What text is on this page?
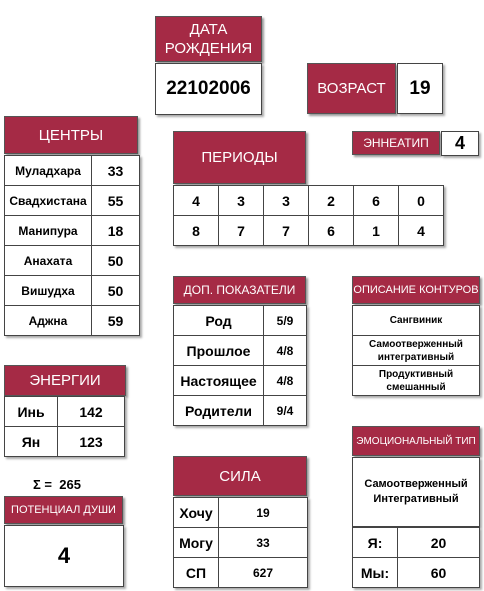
ДАТА
РОЖДЕНИЯ
22102006	ВОЗРАСТ	19
ЭННЕАТИП	4
ЦЕНТРЫ
Муладхара	33
Свадхистана	55
Манипура	18
Анахата	50
Вишудха	50
Аджна	59
ПЕРИОДЫ
4	3	3	2	6	0
8	7	7	6	1	4
ДОП. ПОКАЗАТЕЛИ
Род	5/9
Прошлое	4/8
Настоящее	4/8
Родители	9/4
ОПИСАНИЕ КОНТУРОВ
Сангвиник
Самоотверженный интегративный
Продуктивный смешанный
ЭНЕРГИИ
Инь	142
Ян	123
Σ =  265
ПОТЕНЦИАЛ ДУШИ
4
СИЛА
Хочу	19
Могу	33
СП	627
ЭМОЦИОНАЛЬНЫЙ ТИП
Самоотверженный
Интегративный
Я:	20
Мы:	60
